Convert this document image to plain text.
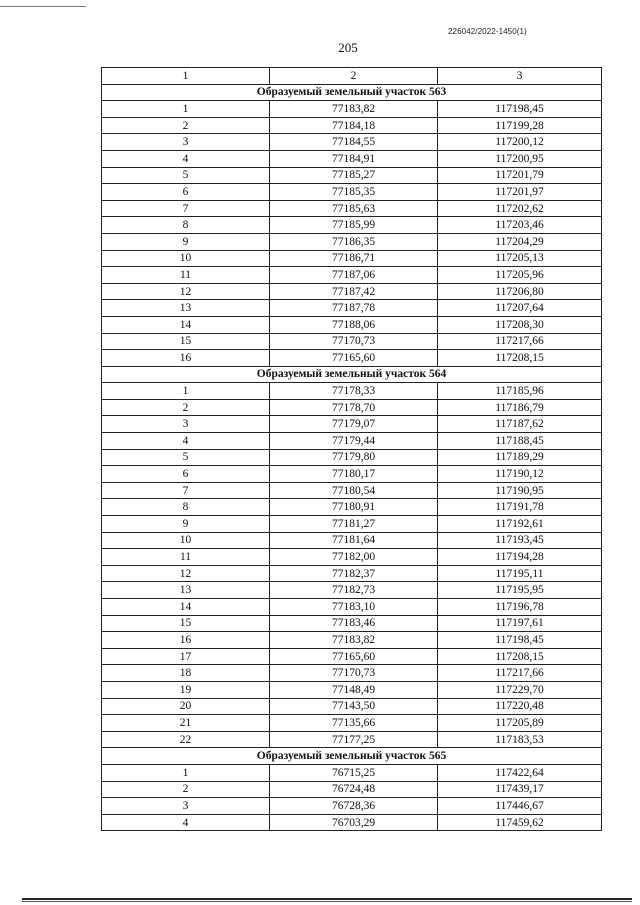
226042/2022-1450(1)
205
1	2	3
Образуемый земельный участок 563		
1	77183,82	117198,45
2	77184,18	117199,28
3	77184,55	117200,12
4	77184,91	117200,95
5	77185,27	117201,79
6	77185,35	117201,97
7	77185,63	117202,62
8	77185,99	117203,46
9	77186,35	117204,29
10	77186,71	117205,13
11	77187,06	117205,96
12	77187,42	117206,80
13	77187,78	117207,64
14	77188,06	117208,30
15	77170,73	117217,66
16	77165,60	117208,15
Образуемый земельный участок 564		
1	77178,33	117185,96
2	77178,70	117186,79
3	77179,07	117187,62
4	77179,44	117188,45
5	77179,80	117189,29
6	77180,17	117190,12
7	77180,54	117190,95
8	77180,91	117191,78
9	77181,27	117192,61
10	77181,64	117193,45
11	77182,00	117194,28
12	77182,37	117195,11
13	77182,73	117195,95
14	77183,10	117196,78
15	77183,46	117197,61
16	77183,82	117198,45
17	77165,60	117208,15
18	77170,73	117217,66
19	77148,49	117229,70
20	77143,50	117220,48
21	77135,66	117205,89
22	77177,25	117183,53
Образуемый земельный участок 565		
1	76715,25	117422,64
2	76724,48	117439,17
3	76728,36	117446,67
4	76703,29	117459,62
